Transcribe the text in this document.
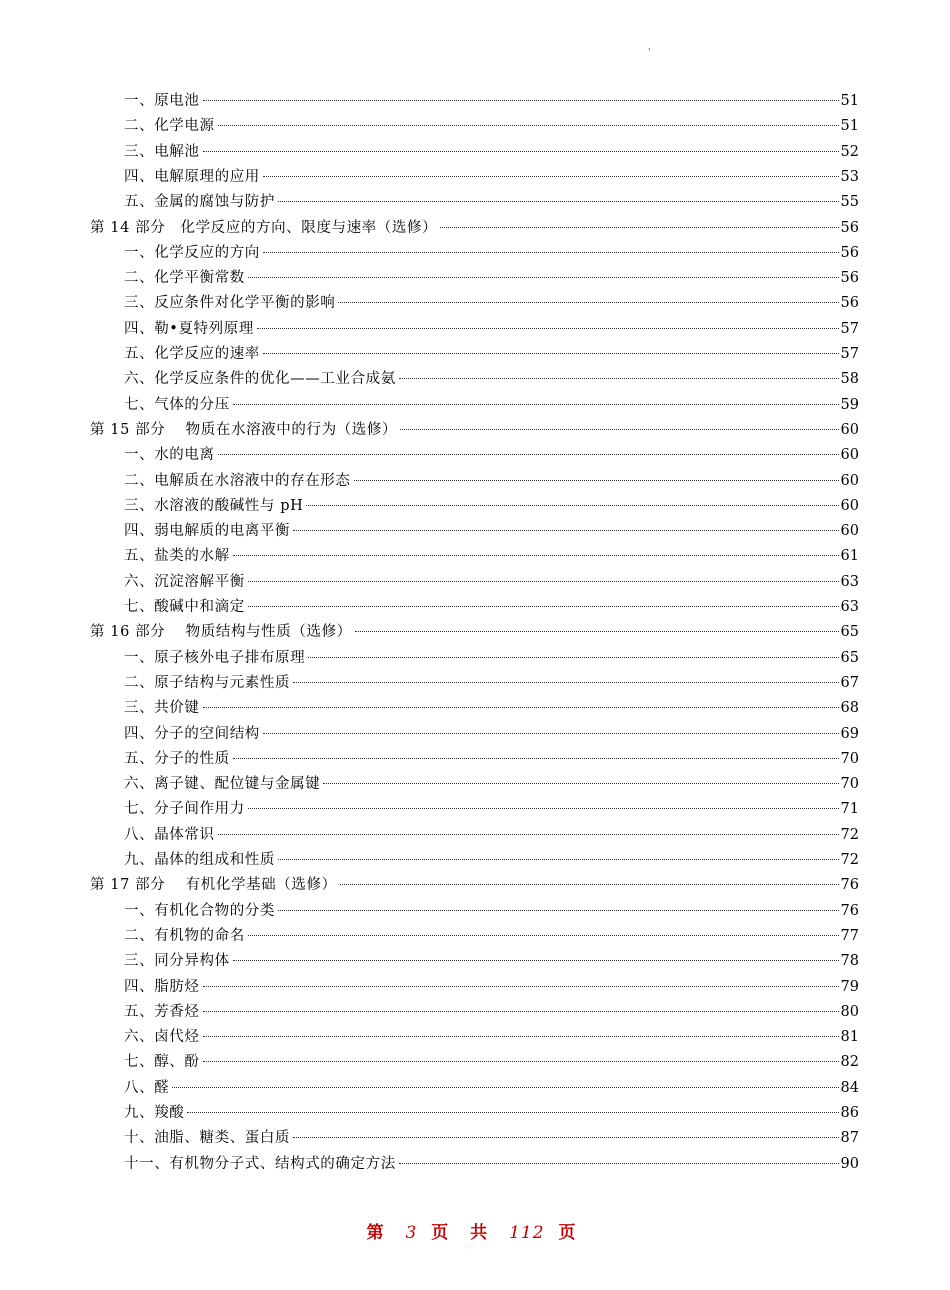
'
一、原电池	51
二、化学电源	51
三、电解池	52
四、电解原理的应用	53
五、金属的腐蚀与防护	55
第 14 部分　化学反应的方向、限度与速率（选修）	56
一、化学反应的方向	56
二、化学平衡常数	56
三、反应条件对化学平衡的影响	56
四、勒•夏特列原理	57
五、化学反应的速率	57
六、化学反应条件的优化——工业合成氨	58
七、气体的分压	59
第 15 部分　 物质在水溶液中的行为（选修）	60
一、水的电离	60
二、电解质在水溶液中的存在形态	60
三、水溶液的酸碱性与 pH	60
四、弱电解质的电离平衡	60
五、盐类的水解	61
六、沉淀溶解平衡	63
七、酸碱中和滴定	63
第 16 部分　 物质结构与性质（选修）	65
一、原子核外电子排布原理	65
二、原子结构与元素性质	67
三、共价键	68
四、分子的空间结构	69
五、分子的性质	70
六、离子键、配位键与金属键	70
七、分子间作用力	71
八、晶体常识	72
九、晶体的组成和性质	72
第 17 部分　 有机化学基础（选修）	76
一、有机化合物的分类	76
二、有机物的命名	77
三、同分异构体	78
四、脂肪烃	79
五、芳香烃	80
六、卤代烃	81
七、醇、酚	82
八、醛	84
九、羧酸	86
十、油脂、糖类、蛋白质	87
十一、有机物分子式、结构式的确定方法	90
第 3 页 共 112 页
